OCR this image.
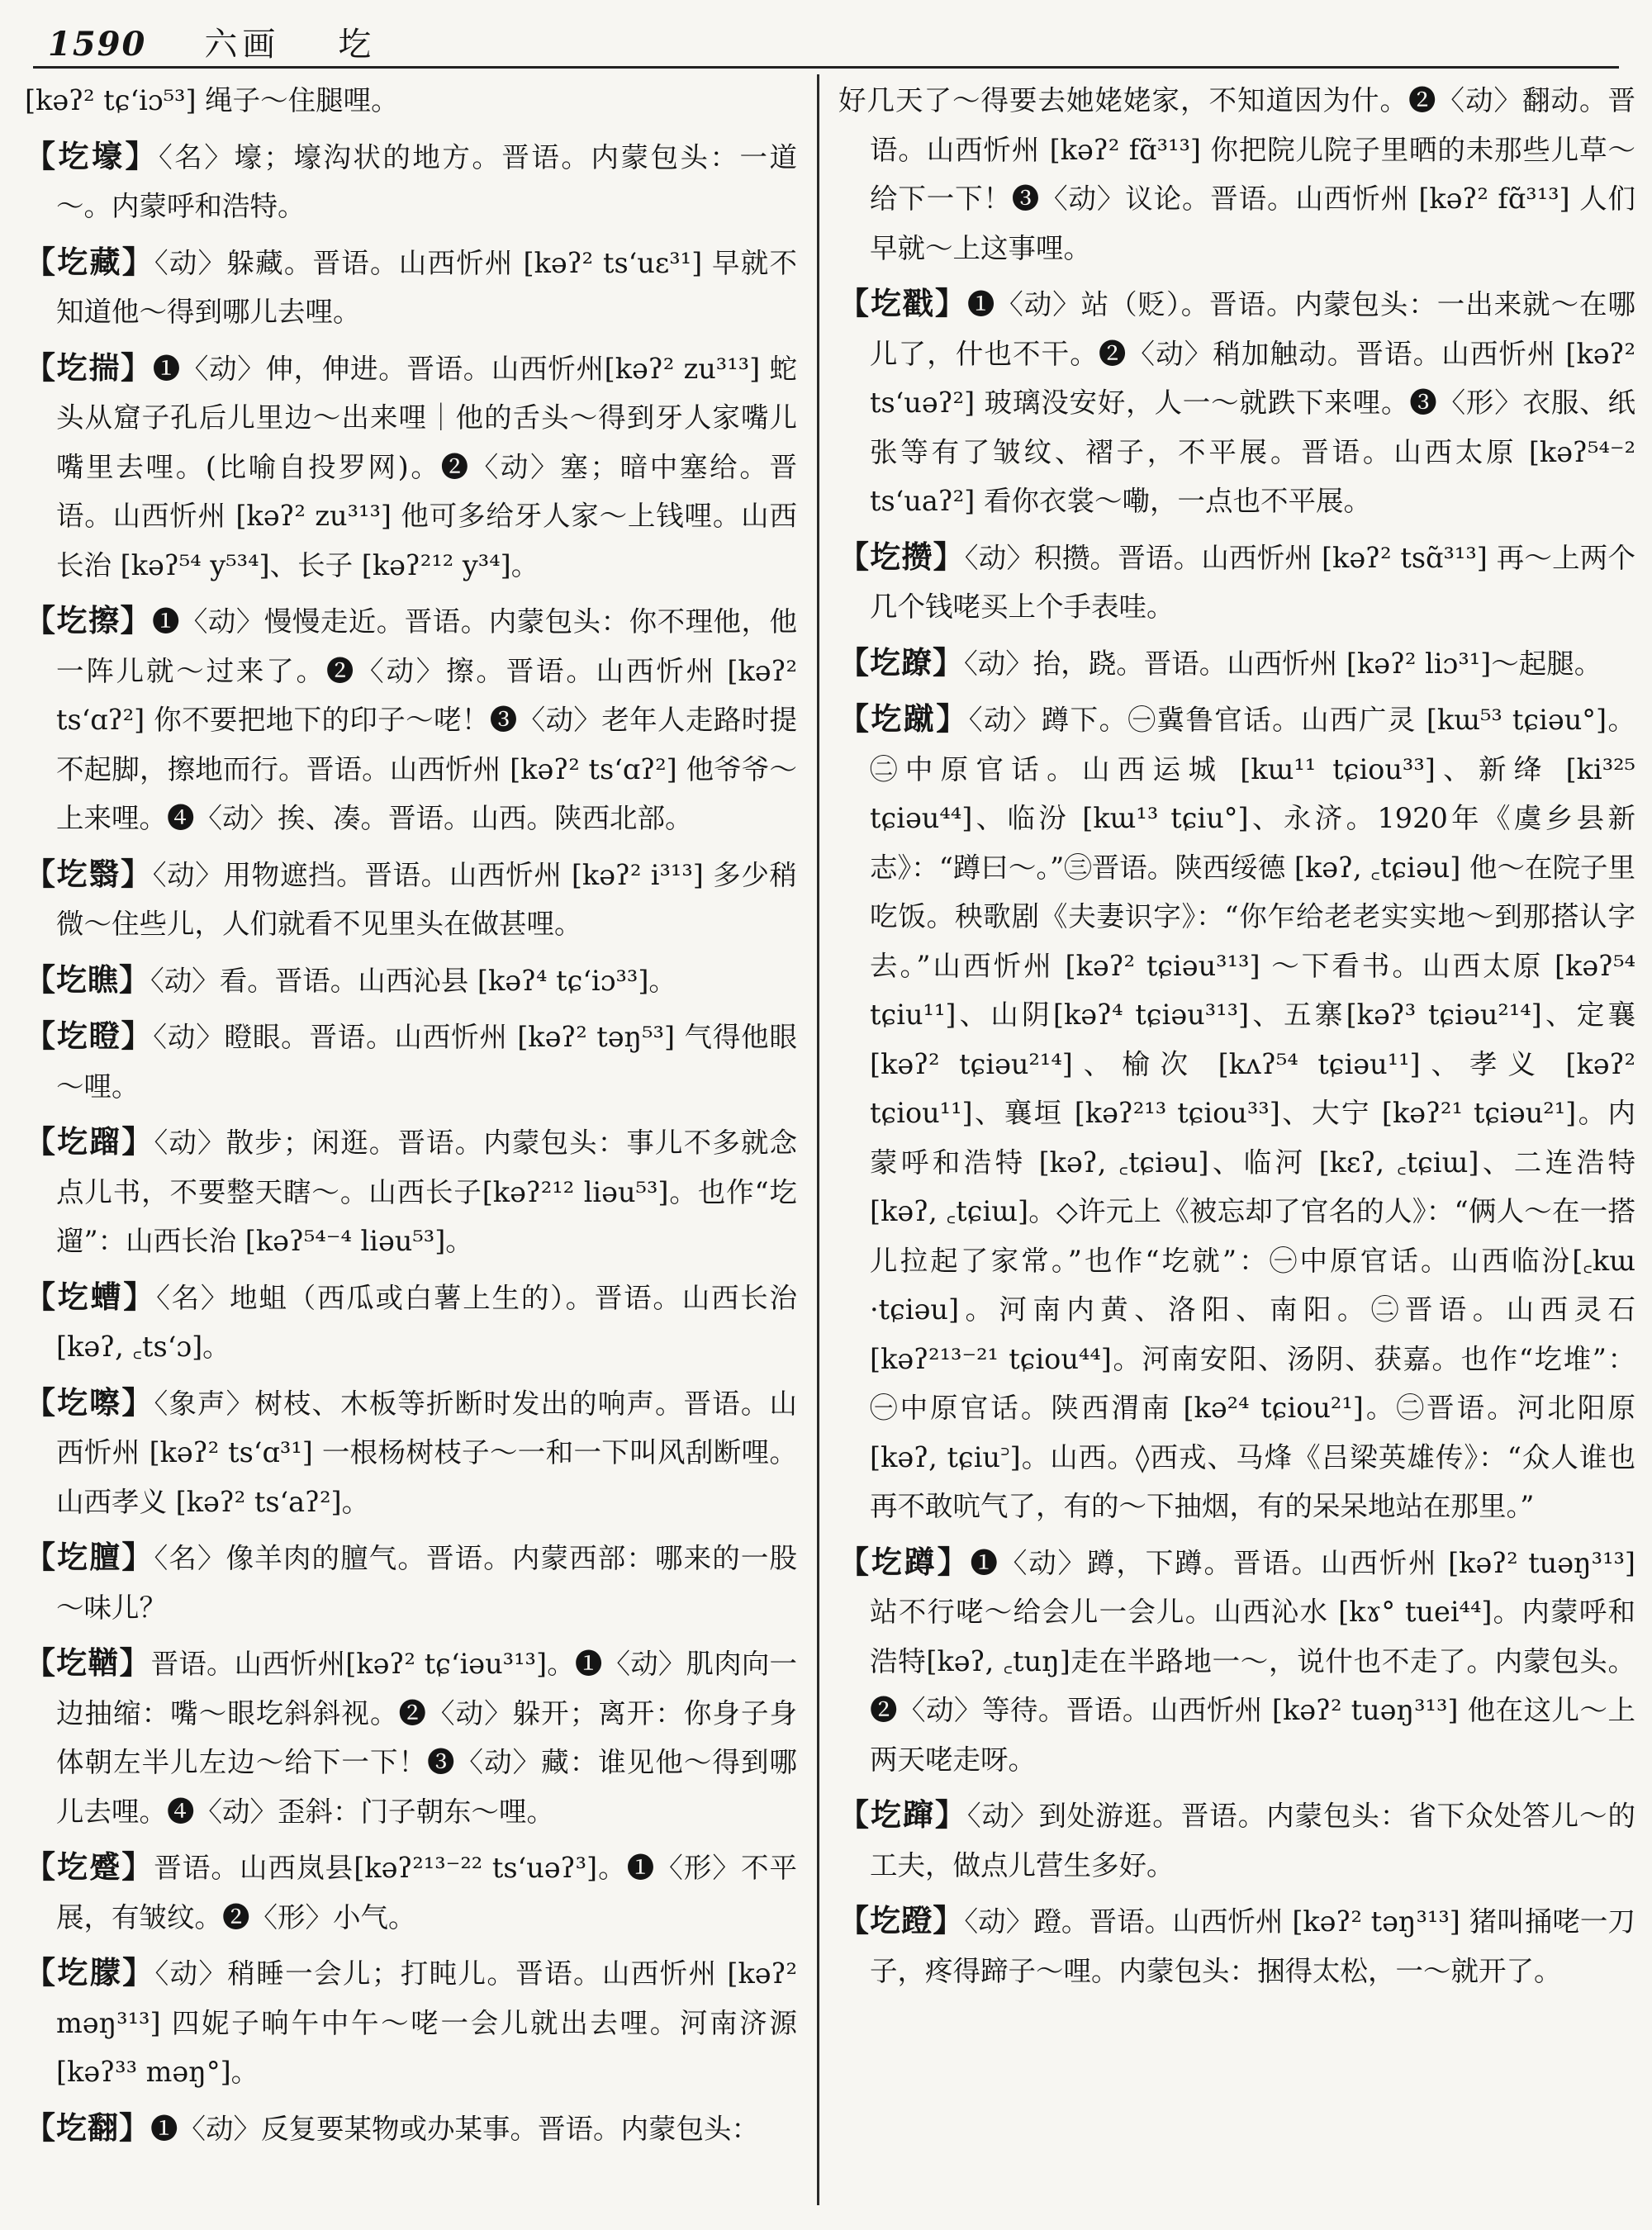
1590 六画 圪

[kəʔ² tɕʻiɔ⁵³] 绳子～住腿哩。

【圪壕】〈名〉壕；壕沟状的地方。晋语。内蒙包头：一道～。内蒙呼和浩特。

【圪藏】〈动〉躲藏。晋语。山西忻州 [kəʔ² tsʻuɛ³¹] 早就不知道他～得到哪儿去哩。

【圪揣】❶〈动〉伸，伸进。晋语。山西忻州[kəʔ² zu³¹³] 蛇头从窟子孔后儿里边～出来哩｜他的舌头～得到牙人家嘴儿嘴里去哩。(比喻自投罗网)。❷〈动〉塞；暗中塞给。晋语。山西忻州 [kəʔ² zu³¹³] 他可多给牙人家～上钱哩。山西长治 [kəʔ⁵⁴ y⁵³⁴]、长子 [kəʔ²¹² y³⁴]。

【圪擦】❶〈动〉慢慢走近。晋语。内蒙包头：你不理他，他一阵儿就～过来了。❷〈动〉擦。晋语。山西忻州 [kəʔ² tsʻɑʔ²] 你不要把地下的印子～咾！❸〈动〉老年人走路时提不起脚，擦地而行。晋语。山西忻州 [kəʔ² tsʻɑʔ²] 他爷爷～上来哩。❹〈动〉挨、凑。晋语。山西。陕西北部。

【圪翳】〈动〉用物遮挡。晋语。山西忻州 [kəʔ² i³¹³] 多少稍微～住些儿，人们就看不见里头在做甚哩。

【圪瞧】〈动〉看。晋语。山西沁县 [kəʔ⁴ tɕʻiɔ³³]。

【圪瞪】〈动〉瞪眼。晋语。山西忻州 [kəʔ² təŋ⁵³] 气得他眼～哩。

【圪蹓】〈动〉散步；闲逛。晋语。内蒙包头：事儿不多就念点儿书，不要整天瞎～。山西长子[kəʔ²¹² liəu⁵³]。也作“圪遛”：山西长治 [kəʔ⁵⁴⁻⁴ liəu⁵³]。

【圪螬】〈名〉地蛆（西瓜或白薯上生的）。晋语。山西长治 [kəʔ, ꜀tsʻɔ]。

【圪嚓】〈象声〉树枝、木板等折断时发出的响声。晋语。山西忻州 [kəʔ² tsʻɑ³¹] 一根杨树枝子～一和一下叫风刮断哩。山西孝义 [kəʔ² tsʻaʔ²]。

【圪膻】〈名〉像羊肉的膻气。晋语。内蒙西部：哪来的一股～味儿？

【圪鞧】晋语。山西忻州[kəʔ² tɕʻiəu³¹³]。❶〈动〉肌肉向一边抽缩：嘴～眼圪斜斜视。❷〈动〉躲开；离开：你身子身体朝左半儿左边～给下一下！❸〈动〉藏：谁见他～得到哪儿去哩。❹〈动〉歪斜：门子朝东～哩。

【圪蹙】晋语。山西岚县[kəʔ²¹³⁻²² tsʻuəʔ³]。❶〈形〉不平展，有皱纹。❷〈形〉小气。

【圪朦】〈动〉稍睡一会儿；打盹儿。晋语。山西忻州 [kəʔ² məŋ³¹³] 四妮子晌午中午～咾一会儿就出去哩。河南济源 [kəʔ³³ məŋ°]。

【圪翻】❶〈动〉反复要某物或办某事。晋语。内蒙包头：

好几天了～得要去她姥姥家，不知道因为什。❷〈动〉翻动。晋语。山西忻州 [kəʔ² fɑ̃³¹³] 你把院儿院子里晒的未那些儿草～给下一下！❸〈动〉议论。晋语。山西忻州 [kəʔ² fɑ̃³¹³] 人们早就～上这事哩。

【圪戳】❶〈动〉站（贬）。晋语。内蒙包头：一出来就～在哪儿了，什也不干。❷〈动〉稍加触动。晋语。山西忻州 [kəʔ² tsʻuəʔ²] 玻璃没安好，人一～就跌下来哩。❸〈形〉衣服、纸张等有了皱纹、褶子，不平展。晋语。山西太原 [kəʔ⁵⁴⁻² tsʻuaʔ²] 看你衣裳～嘞，一点也不平展。

【圪攒】〈动〉积攒。晋语。山西忻州 [kəʔ² tsɑ̃³¹³] 再～上两个几个钱咾买上个手表哇。

【圪蹽】〈动〉抬，跷。晋语。山西忻州 [kəʔ² liɔ³¹]～起腿。

【圪蹴】〈动〉蹲下。㊀冀鲁官话。山西广灵 [kɯ⁵³ tɕiəu°]。㊁中原官话。山西运城 [kɯ¹¹ tɕiou³³]、新绛 [ki³²⁵ tɕiəu⁴⁴]、临汾 [kɯ¹³ tɕiu°]、永济。1920年《虞乡县新志》：“蹲曰～。”㊂晋语。陕西绥德 [kəʔ, ꜀tɕiəu] 他～在院子里吃饭。秧歌剧《夫妻识字》：“你乍给老老实实地～到那搭认字去。”山西忻州 [kəʔ² tɕiəu³¹³] ～下看书。山西太原 [kəʔ⁵⁴ tɕiu¹¹]、山阴[kəʔ⁴ tɕiəu³¹³]、五寨[kəʔ³ tɕiəu²¹⁴]、定襄 [kəʔ² tɕiəu²¹⁴]、榆次 [kʌʔ⁵⁴ tɕiəu¹¹]、孝义 [kəʔ² tɕiou¹¹]、襄垣 [kəʔ²¹³ tɕiou³³]、大宁 [kəʔ²¹ tɕiəu²¹]。内蒙呼和浩特 [kəʔ, ꜀tɕiəu]、临河 [kɛʔ, ꜀tɕiɯ]、二连浩特[kəʔ, ꜀tɕiɯ]。◇许元上《被忘却了官名的人》：“俩人～在一搭儿拉起了家常。”也作“圪就”：㊀中原官话。山西临汾[꜀kɯ ·tɕiəu]。河南内黄、洛阳、南阳。㊁晋语。山西灵石 [kəʔ²¹³⁻²¹ tɕiou⁴⁴]。河南安阳、汤阴、获嘉。也作“圪堆”：㊀中原官话。陕西渭南 [kə²⁴ tɕiou²¹]。㊁晋语。河北阳原[kəʔ, tɕiu꜄]。山西。◊西戎、马烽《吕梁英雄传》：“众人谁也再不敢吭气了，有的～下抽烟，有的呆呆地站在那里。”

【圪蹲】❶〈动〉蹲，下蹲。晋语。山西忻州 [kəʔ² tuəŋ³¹³] 站不行咾～给会儿一会儿。山西沁水 [kɤ° tuei⁴⁴]。内蒙呼和浩特[kəʔ, ꜀tuŋ]走在半路地一～，说什也不走了。内蒙包头。❷〈动〉等待。晋语。山西忻州 [kəʔ² tuəŋ³¹³] 他在这儿～上两天咾走呀。

【圪蹿】〈动〉到处游逛。晋语。内蒙包头：省下众处答儿～的工夫，做点儿营生多好。

【圪蹬】〈动〉蹬。晋语。山西忻州 [kəʔ² təŋ³¹³] 猪叫捅咾一刀子，疼得蹄子～哩。内蒙包头：捆得太松，一～就开了。
